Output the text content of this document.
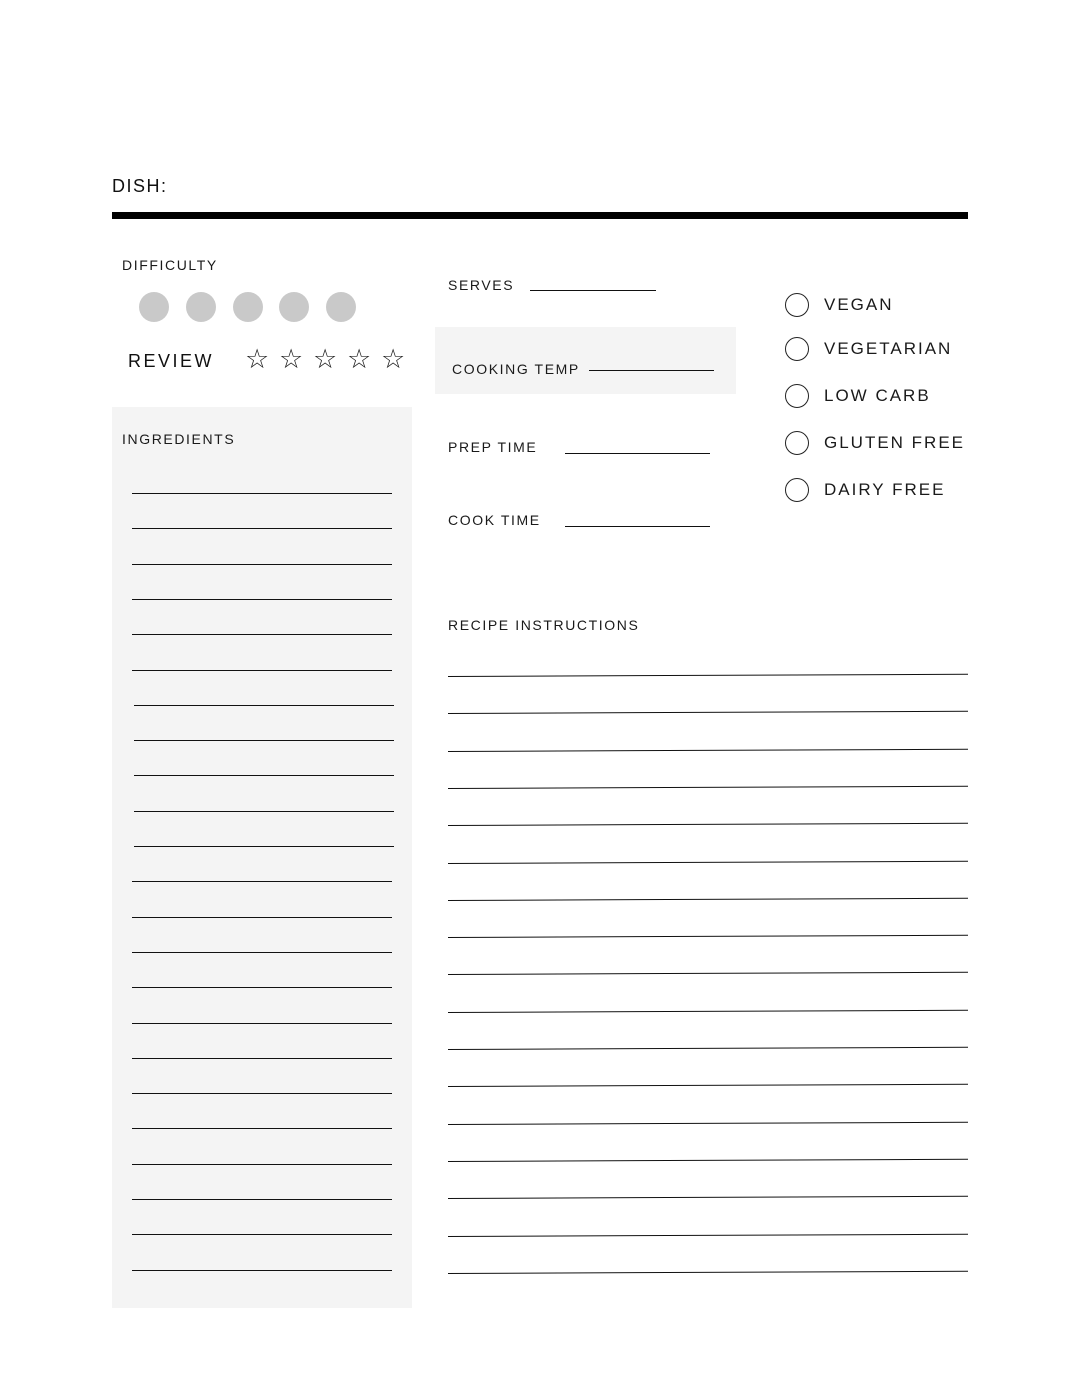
DISH:
DIFFICULTY
REVIEW ☆ ☆ ☆ ☆ ☆
INGREDIENTS
SERVES
COOKING TEMP
PREP TIME
COOK TIME
VEGAN
VEGETARIAN
LOW CARB
GLUTEN FREE
DAIRY FREE
RECIPE INSTRUCTIONS
